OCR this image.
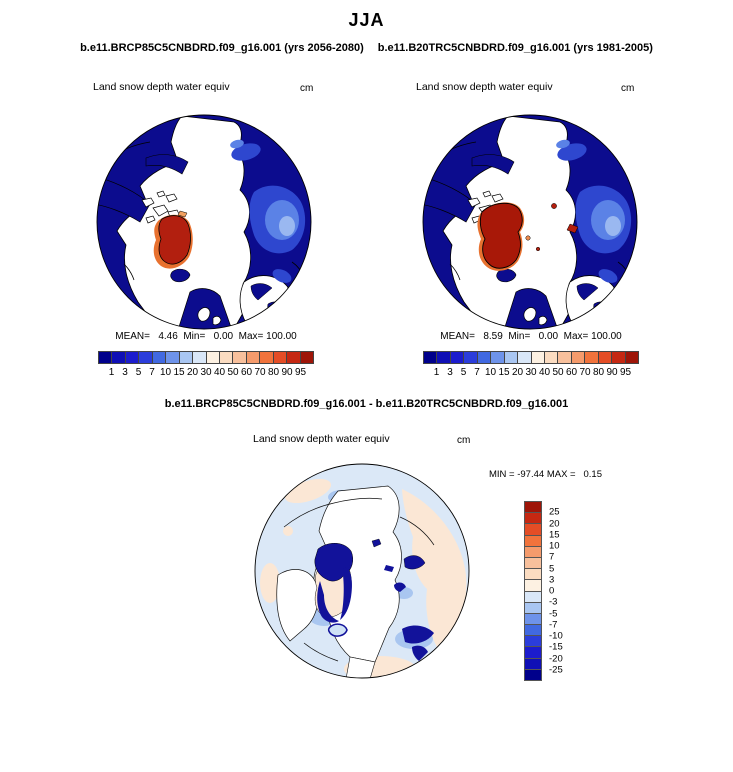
JJA
b.e11.BRCP85C5CNBDRD.f09_g16.001 (yrs 2056-2080) b.e11.B20TRC5CNBDRD.f09_g16.001 (yrs 1981-2005)
Land snow depth water equiv	cm	Land snow depth water equiv	cm
MEAN=   4.46  Min=   0.00  Max= 100.00	MEAN=   8.59  Min=   0.00  Max= 100.00
1 3 5 7 10 15 20 30 40 50 60 70 80 90 95	1 3 5 7 10 15 20 30 40 50 60 70 80 90 95
b.e11.BRCP85C5CNBDRD.f09_g16.001 - b.e11.B20TRC5CNBDRD.f09_g16.001
Land snow depth water equiv	cm
MIN = -97.44 MAX =   0.15
25
20
15
10
7
5
3
0
-3
-5
-7
-10
-15
-20
-25
